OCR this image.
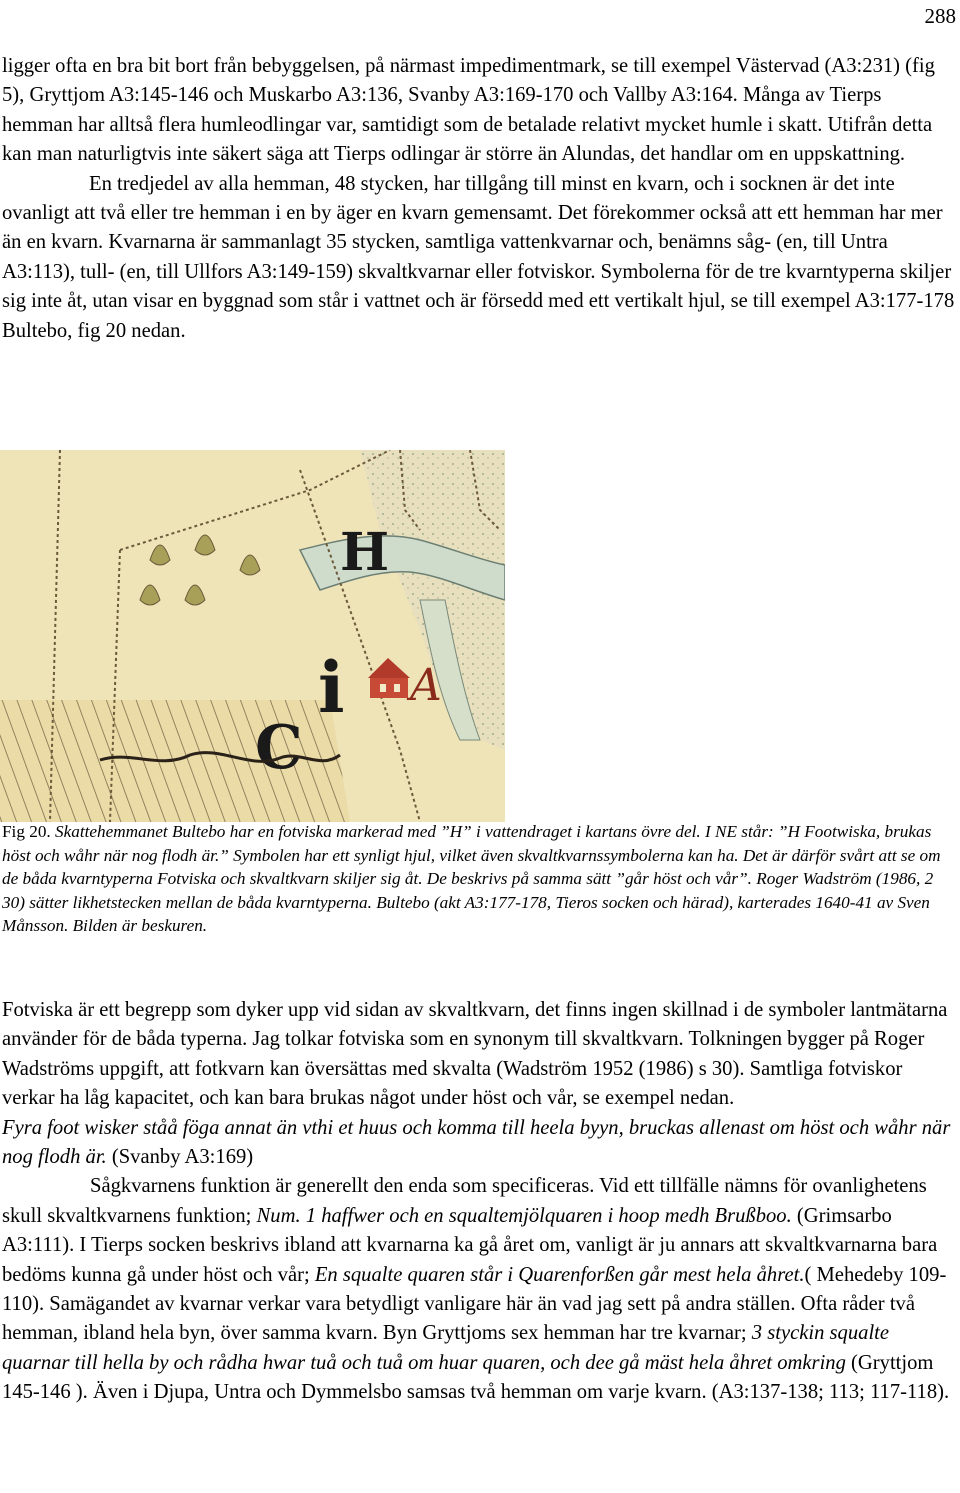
288

ligger ofta en bra bit bort från bebyggelsen, på närmast impedimentmark, se till exempel Västervad (A3:231) (fig 5), Gryttjom A3:145-146 och Muskarbo A3:136, Svanby A3:169-170 och Vallby A3:164. Många av Tierps hemman har alltså flera humleodlingar var, samtidigt som de betalade relativt mycket humle i skatt. Utifrån detta kan man naturligtvis inte säkert säga att Tierps odlingar är större än Alundas, det handlar om en uppskattning.

En tredjedel av alla hemman, 48 stycken, har tillgång till minst en kvarn, och i socknen är det inte ovanligt att två eller tre hemman i en by äger en kvarn gemensamt. Det förekommer också att ett hemman har mer än en kvarn. Kvarnarna är sammanlagt 35 stycken, samtliga vattenkvarnar och, benämns såg- (en, till Untra A3:113), tull- (en, till Ullfors A3:149-159) skvaltkvarnar eller fotviskor. Symbolerna för de tre kvarntyperna skiljer sig inte åt, utan visar en byggnad som står i vattnet och är försedd med ett vertikalt hjul, se till exempel A3:177-178 Bultebo, fig 20 nedan.

H
i
C
A
Fig 20. Skattehemmanet Bultebo har en fotviska markerad med ”H” i vattendraget i kartans övre del. I NE står: ”H Footwiska, brukas höst och wåhr när nog flodh är.” Symbolen har ett synligt hjul, vilket även skvaltkvarnssymbolerna kan ha. Det är därför svårt att se om de båda kvarntyperna Fotviska och skvaltkvarn skiljer sig åt. De beskrivs på samma sätt ”går höst och vår”. Roger Wadström (1986, 2 30) sätter likhetstecken mellan de båda kvarntyperna. Bultebo (akt A3:177-178, Tieros socken och härad), karterades 1640-41 av Sven Månsson. Bilden är beskuren.

Fotviska är ett begrepp som dyker upp vid sidan av skvaltkvarn, det finns ingen skillnad i de symboler lantmätarna använder för de båda typerna. Jag tolkar fotviska som en synonym till skvaltkvarn. Tolkningen bygger på Roger Wadströms uppgift, att fotkvarn kan översättas med skvalta (Wadström 1952 (1986) s 30). Samtliga fotviskor verkar ha låg kapacitet, och kan bara brukas något under höst och vår, se exempel nedan.

Fyra foot wisker ståå föga annat än vthi et huus och komma till heela byyn, bruckas allenast om höst och wåhr när nog flodh är. (Svanby A3:169)

Sågkvarnens funktion är generellt den enda som specificeras. Vid ett tillfälle nämns för ovanlighetens skull skvaltkvarnens funktion; Num. 1 haffwer och en squaltemjölquaren i hoop medh Brußboo. (Grimsarbo A3:111). I Tierps socken beskrivs ibland att kvarnarna ka gå året om, vanligt är ju annars att skvaltkvarnarna bara bedöms kunna gå under höst och vår; En squalte quaren står i Quarenforßen går mest hela åhret.( Mehedeby 109-110). Samägandet av kvarnar verkar vara betydligt vanligare här än vad jag sett på andra ställen. Ofta råder två hemman, ibland hela byn, över samma kvarn. Byn Gryttjoms sex hemman har tre kvarnar; 3 styckin squalte quarnar till hella by och rådha hwar tuå och tuå om huar quaren, och dee gå mäst hela åhret omkring (Gryttjom 145-146 ). Även i Djupa, Untra och Dymmelsbo samsas två hemman om varje kvarn. (A3:137-138; 113; 117-118).
